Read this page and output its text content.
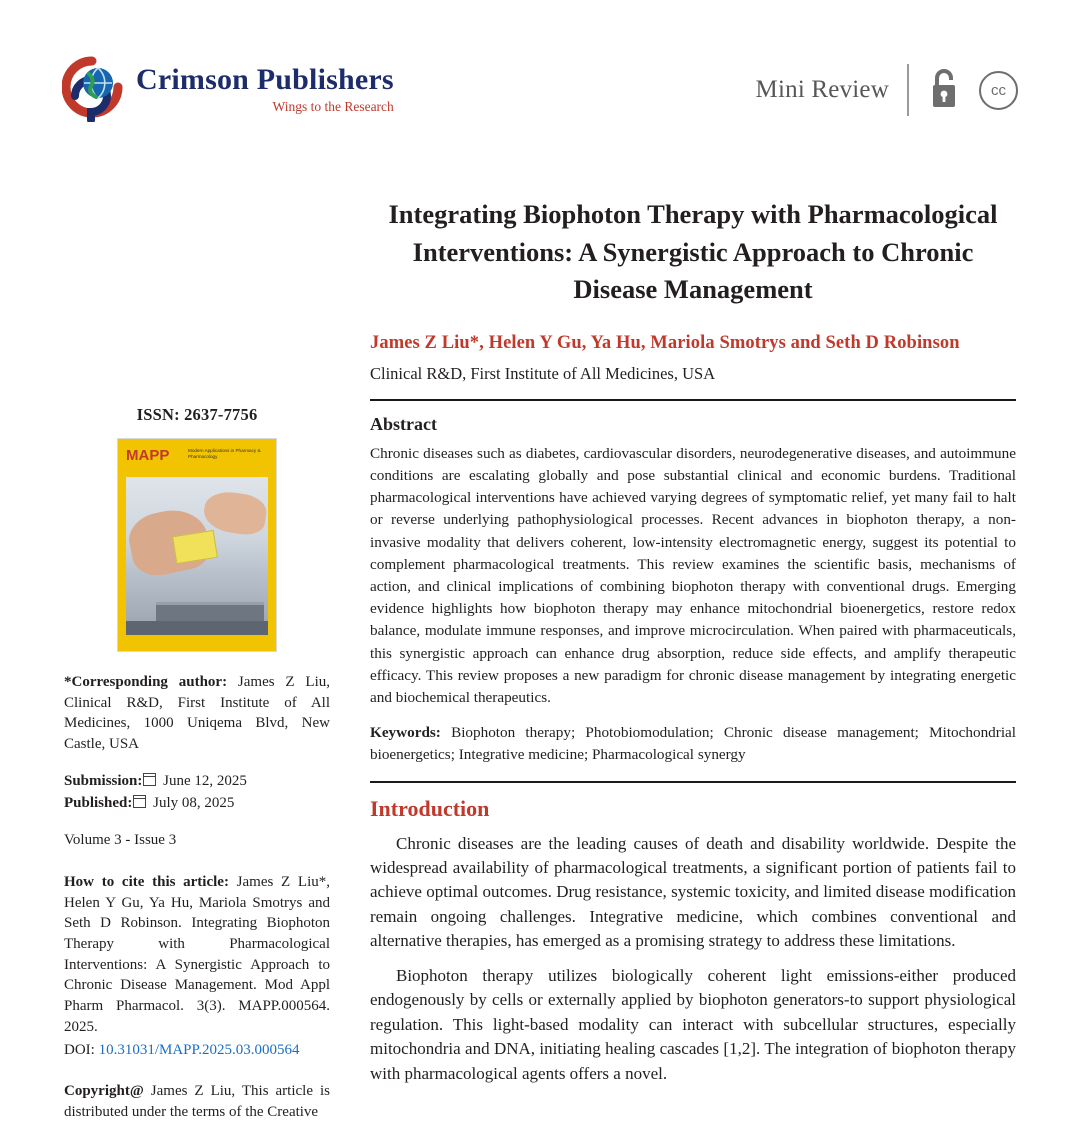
Crimson Publishers
Wings to the Research
Mini Review	cc
ISSN: 2637-7756
MAPP	Modern Applications in Pharmacy & Pharmacology
*Corresponding author: James Z Liu, Clinical R&D, First Institute of All Medicines, 1000 Uniqema Blvd, New Castle, USA
Submission: June 12, 2025
Published: July 08, 2025
Volume 3 - Issue 3
How to cite this article: James Z Liu*, Helen Y Gu, Ya Hu, Mariola Smotrys and Seth D Robinson. Integrating Biophoton Therapy with Pharmacological Interventions: A Synergistic Approach to Chronic Disease Management. Mod Appl Pharm Pharmacol. 3(3). MAPP.000564. 2025.
DOI: 10.31031/MAPP.2025.03.000564
Copyright@ James Z Liu, This article is distributed under the terms of the Creative
Integrating Biophoton Therapy with Pharmacological Interventions: A Synergistic Approach to Chronic Disease Management
James Z Liu*, Helen Y Gu, Ya Hu, Mariola Smotrys and Seth D Robinson
Clinical R&D, First Institute of All Medicines, USA
Abstract
Chronic diseases such as diabetes, cardiovascular disorders, neurodegenerative diseases, and autoimmune conditions are escalating globally and pose substantial clinical and economic burdens. Traditional pharmacological interventions have achieved varying degrees of symptomatic relief, yet many fail to halt or reverse underlying pathophysiological processes. Recent advances in biophoton therapy, a non-invasive modality that delivers coherent, low-intensity electromagnetic energy, suggest its potential to complement pharmacological treatments. This review examines the scientific basis, mechanisms of action, and clinical implications of combining biophoton therapy with conventional drugs. Emerging evidence highlights how biophoton therapy may enhance mitochondrial bioenergetics, restore redox balance, modulate immune responses, and improve microcirculation. When paired with pharmaceuticals, this synergistic approach can enhance drug absorption, reduce side effects, and amplify therapeutic efficacy. This review proposes a new paradigm for chronic disease management by integrating energetic and biochemical therapeutics.
Keywords: Biophoton therapy; Photobiomodulation; Chronic disease management; Mitochondrial bioenergetics; Integrative medicine; Pharmacological synergy
Introduction
Chronic diseases are the leading causes of death and disability worldwide. Despite the widespread availability of pharmacological treatments, a significant portion of patients fail to achieve optimal outcomes. Drug resistance, systemic toxicity, and limited disease modification remain ongoing challenges. Integrative medicine, which combines conventional and alternative therapies, has emerged as a promising strategy to address these limitations.
Biophoton therapy utilizes biologically coherent light emissions-either produced endogenously by cells or externally applied by biophoton generators-to support physiological regulation. This light-based modality can interact with subcellular structures, especially mitochondria and DNA, initiating healing cascades [1,2]. The integration of biophoton therapy with pharmacological agents offers a novel.
